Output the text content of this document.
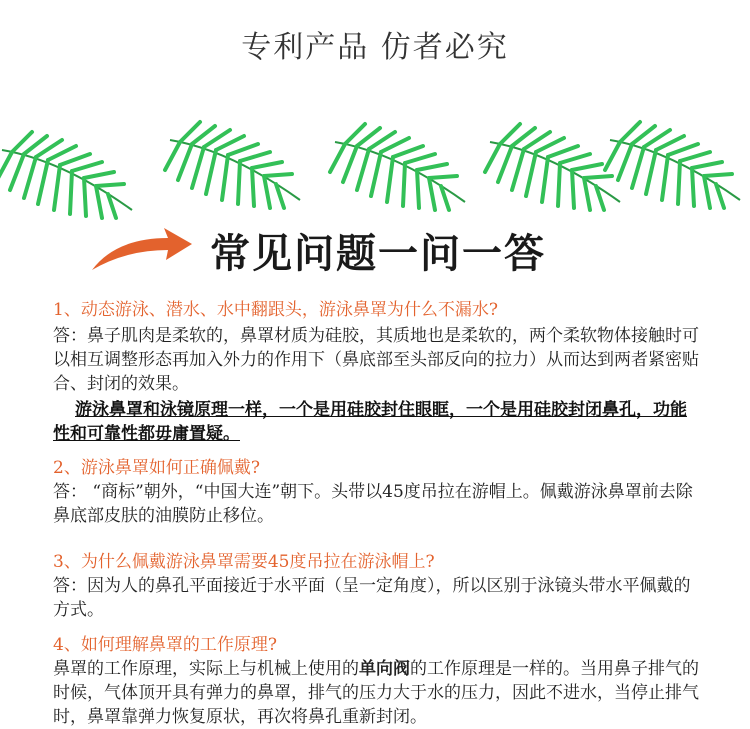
专利产品 仿者必究
常见问题一问一答
1、动态游泳、潜水、水中翻跟头，游泳鼻罩为什么不漏水?
答：鼻子肌肉是柔软的，鼻罩材质为硅胶，其质地也是柔软的，两个柔软物体接触时可以相互调整形态再加入外力的作用下（鼻底部至头部反向的拉力）从而达到两者紧密贴合、封闭的效果。
游泳鼻罩和泳镜原理一样，一个是用硅胶封住眼眶，一个是用硅胶封闭鼻孔，功能性和可靠性都毋庸置疑。
2、游泳鼻罩如何正确佩戴?
答： “商标”朝外，“中国大连”朝下。头带以45度吊拉在游帽上。佩戴游泳鼻罩前去除鼻底部皮肤的油膜防止移位。
3、为什么佩戴游泳鼻罩需要45度吊拉在游泳帽上?
答：因为人的鼻孔平面接近于水平面（呈一定角度），所以区别于泳镜头带水平佩戴的方式。
4、如何理解鼻罩的工作原理?
鼻罩的工作原理，实际上与机械上使用的单向阀的工作原理是一样的。当用鼻子排气的时候，气体顶开具有弹力的鼻罩，排气的压力大于水的压力，因此不进水，当停止排气时，鼻罩靠弹力恢复原状，再次将鼻孔重新封闭。
